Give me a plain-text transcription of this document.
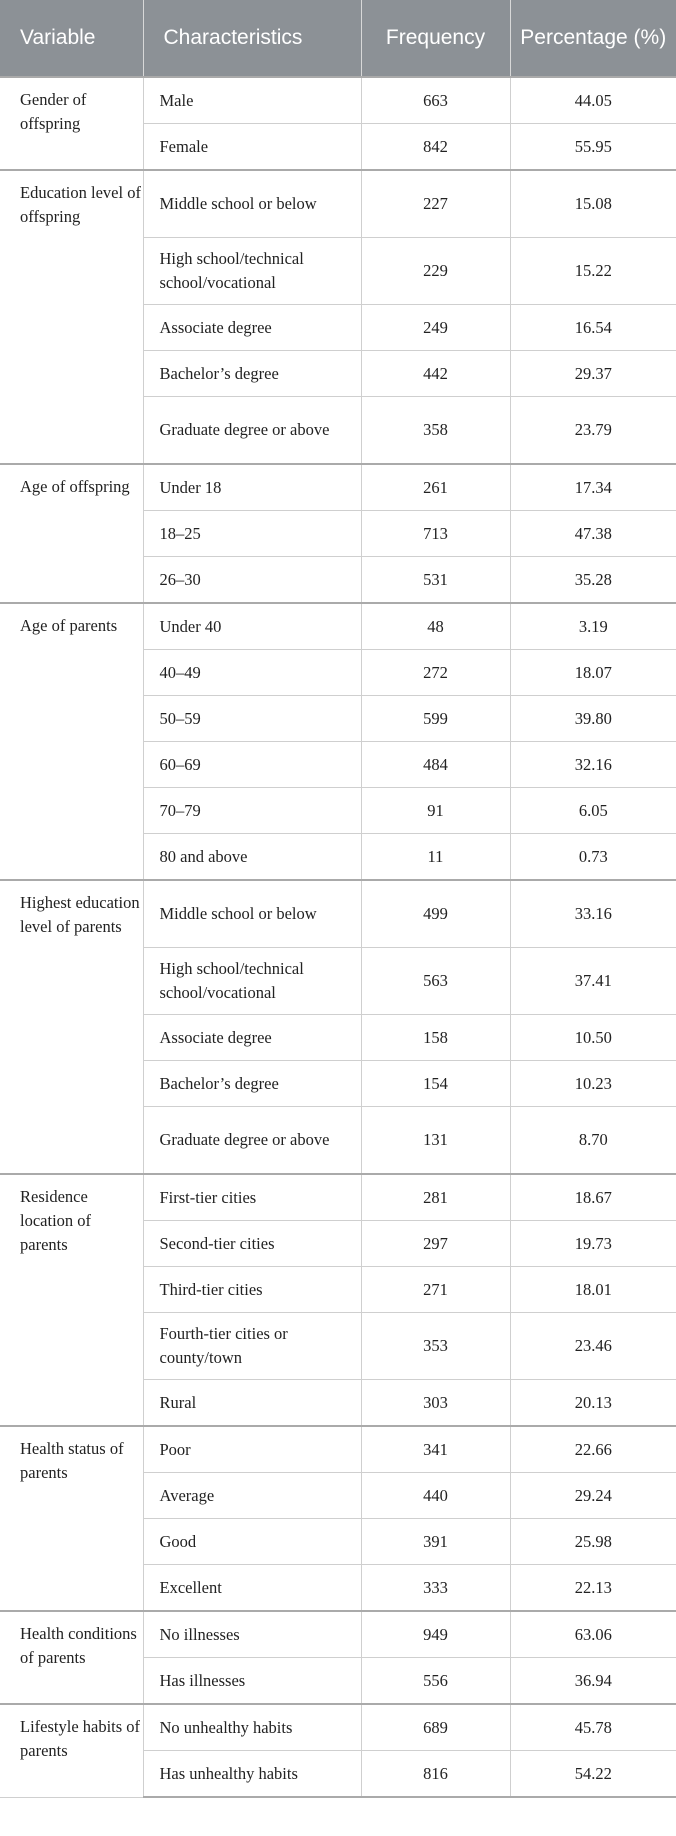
Variable	Characteristics	Frequency	Percentage (%)
Gender of offspring	Male	663	44.05
	Female	842	55.95
Education level of offspring	Middle school or below	227	15.08
	High school/technical school/vocational	229	15.22
	Associate degree	249	16.54
	Bachelor’s degree	442	29.37
	Graduate degree or above	358	23.79
Age of offspring	Under 18	261	17.34
	18–25	713	47.38
	26–30	531	35.28
Age of parents	Under 40	48	3.19
	40–49	272	18.07
	50–59	599	39.80
	60–69	484	32.16
	70–79	91	6.05
	80 and above	11	0.73
Highest education level of parents	Middle school or below	499	33.16
	High school/technical school/vocational	563	37.41
	Associate degree	158	10.50
	Bachelor’s degree	154	10.23
	Graduate degree or above	131	8.70
Residence location of parents	First-tier cities	281	18.67
	Second-tier cities	297	19.73
	Third-tier cities	271	18.01
	Fourth-tier cities or county/town	353	23.46
	Rural	303	20.13
Health status of parents	Poor	341	22.66
	Average	440	29.24
	Good	391	25.98
	Excellent	333	22.13
Health conditions of parents	No illnesses	949	63.06
	Has illnesses	556	36.94
Lifestyle habits of parents	No unhealthy habits	689	45.78
	Has unhealthy habits	816	54.22
